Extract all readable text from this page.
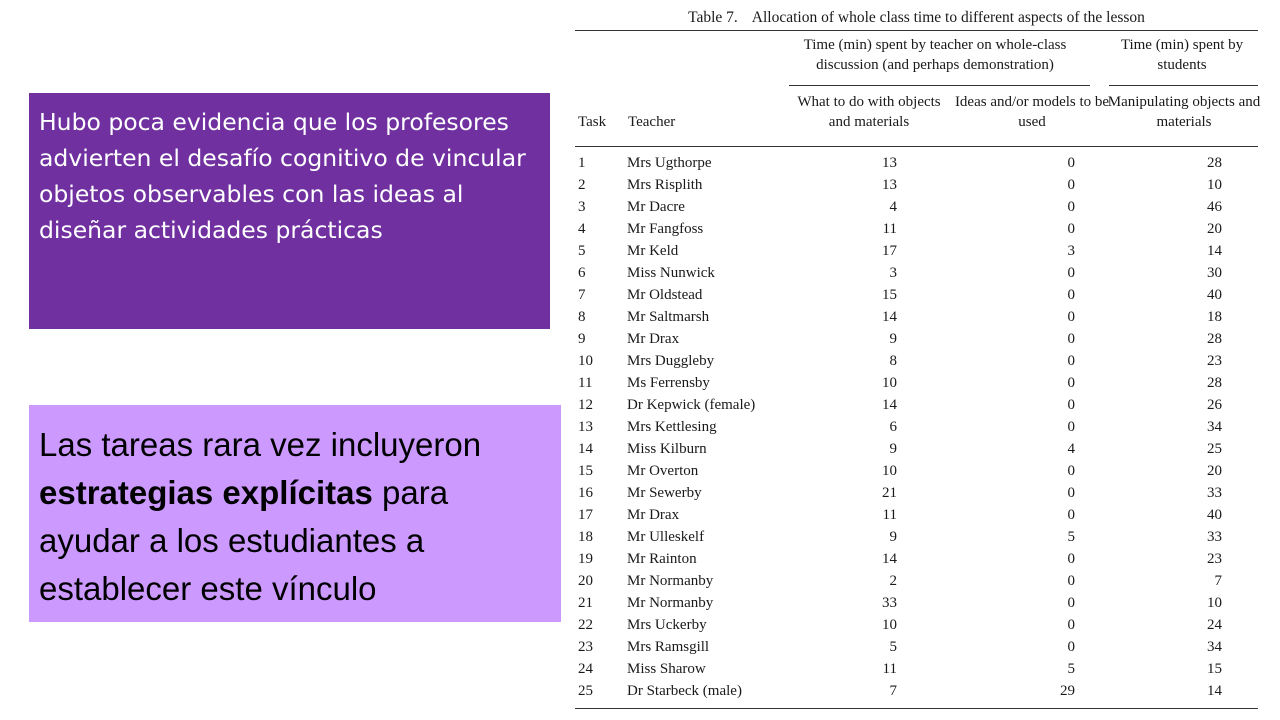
Hubo poca evidencia que los profesores advierten el desafío cognitivo de vincular objetos observables con las ideas al diseñar actividades prácticas

Las tareas rara vez incluyeron estrategias explícitas para ayudar a los estudiantes a establecer este vínculo

Table 7. Allocation of whole class time to different aspects of the lesson
Time (min) spent by teacher on whole-class discussion (and perhaps demonstration)
Time (min) spent by students
What to do with objects and materials
Ideas and/or models to be used
Manipulating objects and materials
Task Teacher
1	Mrs Ugthorpe	13	0	28
2	Mrs Risplith	13	0	10
3	Mr Dacre	4	0	46
4	Mr Fangfoss	11	0	20
5	Mr Keld	17	3	14
6	Miss Nunwick	3	0	30
7	Mr Oldstead	15	0	40
8	Mr Saltmarsh	14	0	18
9	Mr Drax	9	0	28
10	Mrs Duggleby	8	0	23
11	Ms Ferrensby	10	0	28
12	Dr Kepwick (female)	14	0	26
13	Mrs Kettlesing	6	0	34
14	Miss Kilburn	9	4	25
15	Mr Overton	10	0	20
16	Mr Sewerby	21	0	33
17	Mr Drax	11	0	40
18	Mr Ulleskelf	9	5	33
19	Mr Rainton	14	0	23
20	Mr Normanby	2	0	7
21	Mr Normanby	33	0	10
22	Mrs Uckerby	10	0	24
23	Mrs Ramsgill	5	0	34
24	Miss Sharow	11	5	15
25	Dr Starbeck (male)	7	29	14
